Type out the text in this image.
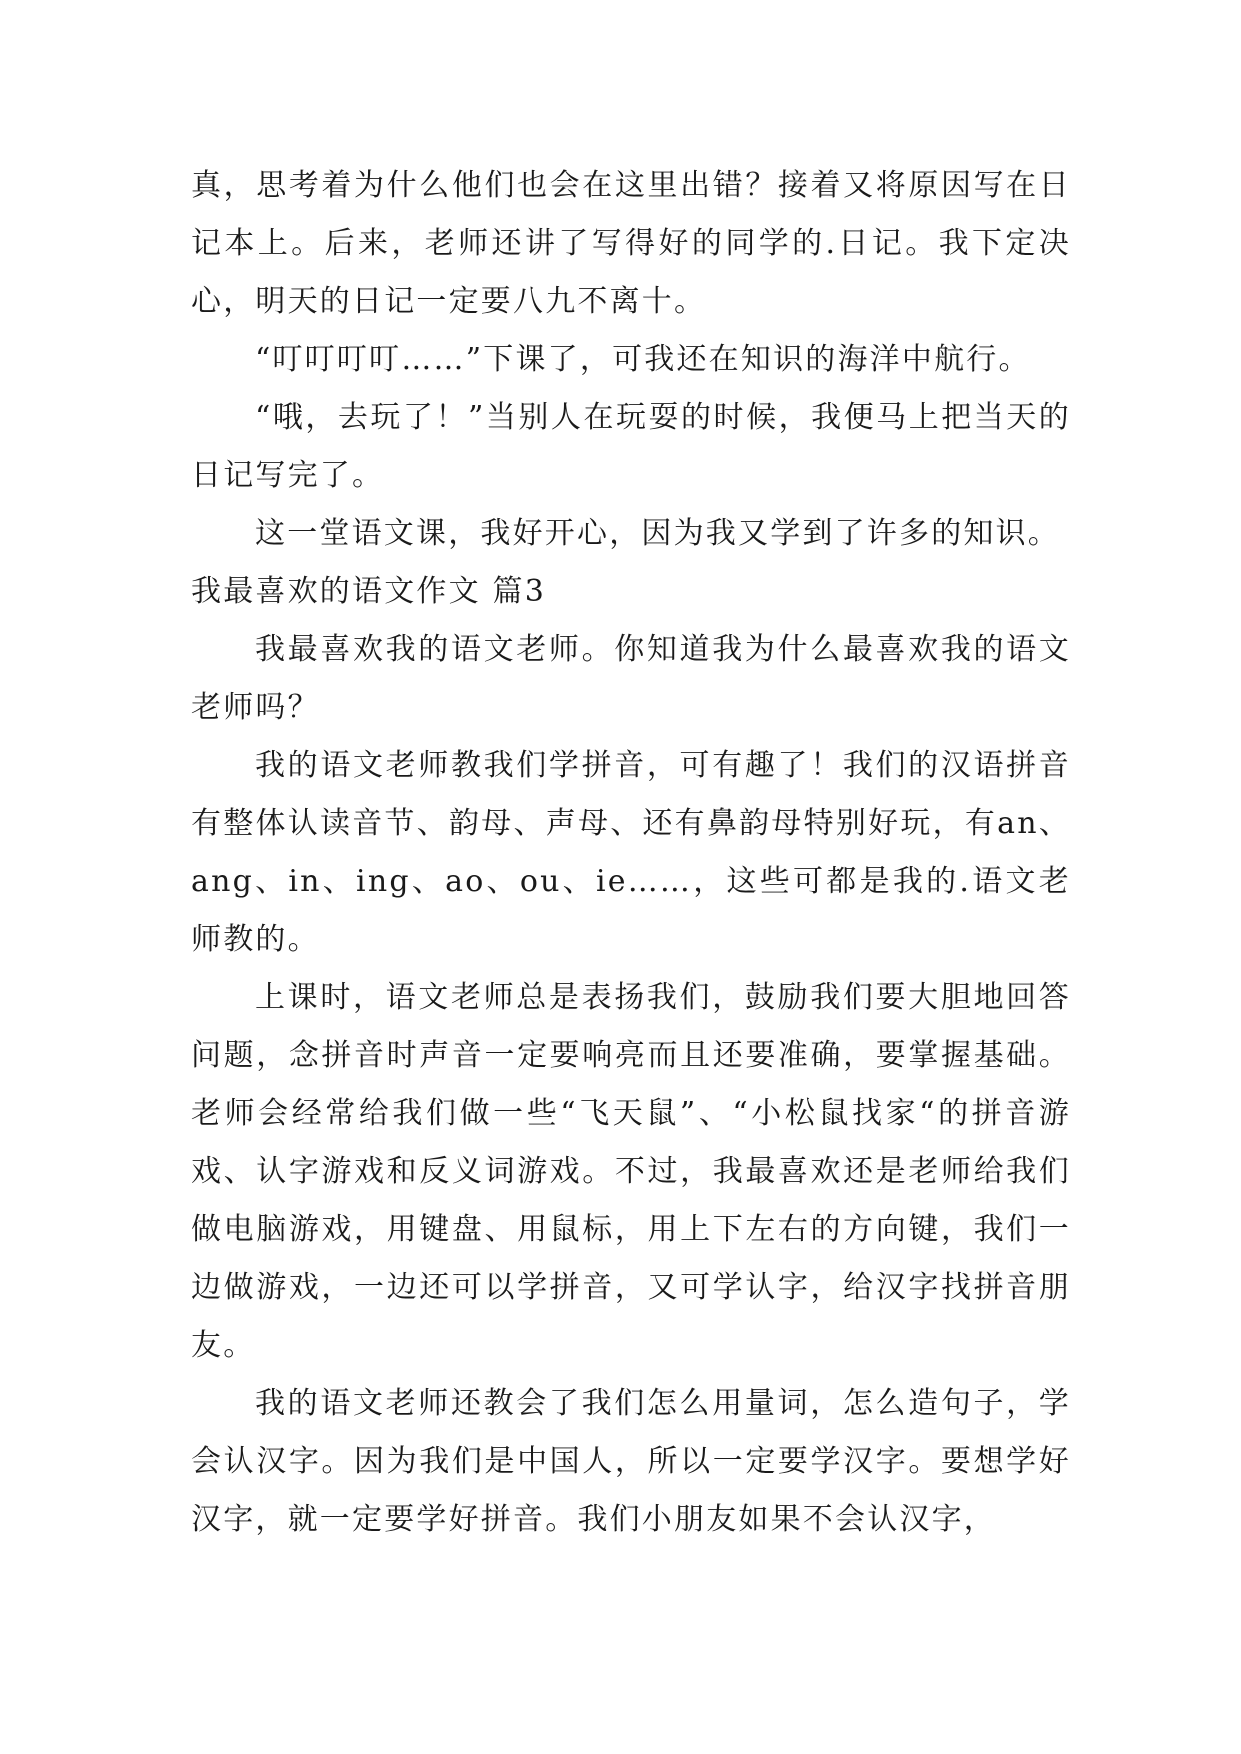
真，思考着为什么他们也会在这里出错？接着又将原因写在日记本上。后来，老师还讲了写得好的同学的.日记。我下定决心，明天的日记一定要八九不离十。

“叮叮叮叮……”下课了，可我还在知识的海洋中航行。

“哦，去玩了！”当别人在玩耍的时候，我便马上把当天的日记写完了。

这一堂语文课，我好开心，因为我又学到了许多的知识。

我最喜欢的语文作文 篇3

我最喜欢我的语文老师。你知道我为什么最喜欢我的语文老师吗？

我的语文老师教我们学拼音，可有趣了！我们的汉语拼音有整体认读音节、韵母、声母、还有鼻韵母特别好玩，有an、ang、in、ing、ao、ou、ie……，这些可都是我的.语文老师教的。

上课时，语文老师总是表扬我们，鼓励我们要大胆地回答问题，念拼音时声音一定要响亮而且还要准确，要掌握基础。老师会经常给我们做一些“飞天鼠”、“小松鼠找家“的拼音游戏、认字游戏和反义词游戏。不过，我最喜欢还是老师给我们做电脑游戏，用键盘、用鼠标，用上下左右的方向键，我们一边做游戏，一边还可以学拼音，又可学认字，给汉字找拼音朋友。

我的语文老师还教会了我们怎么用量词，怎么造句子，学会认汉字。因为我们是中国人，所以一定要学汉字。要想学好汉字，就一定要学好拼音。我们小朋友如果不会认汉字，
